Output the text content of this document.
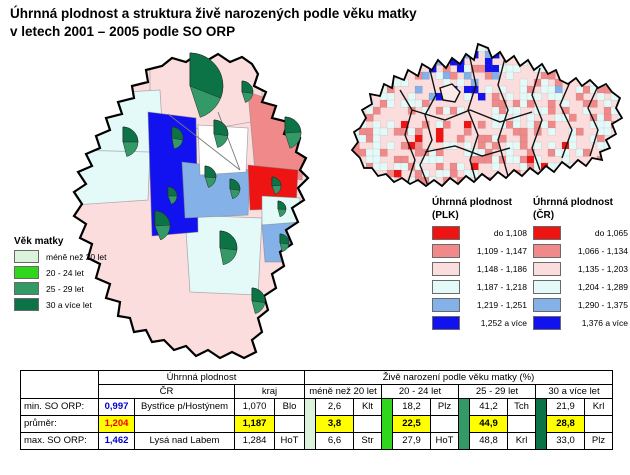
Úhrnná plodnost a struktura živě narozených podle věku matky
v letech 2001 – 2005 podle SO ORP
Věk matky
méně než 20 let
20 - 24 let
25 - 29 let
30 a více let
Úhrnná plodnost
(PLK)
do 1,108
1,109 - 1,147
1,148 - 1,186
1,187 - 1,218
1,219 - 1,251
1,252 a více
Úhrnná plodnost
(ČR)
do 1,065
1,066 - 1,134
1,135 - 1,203
1,204 - 1,289
1,290 - 1,375
1,376 a více
	Úhrnná plodnost				Živě narození podle věku matky (%)											
	ČR		kraj		méně než 20 let			20 - 24 let			25 - 29 let			30 a více let		
min. SO ORP:	0,997	Bystřice p/Hostýnem	1,070	Blo		2,6	Klt		18,2	Plz		41,2	Tch		21,9	Krl
průměr:	1,204		1,187			3,8			22,5			44,9			28,8	
max. SO ORP:	1,462	Lysá nad Labem	1,284	HoT		6,6	Str		27,9	HoT		48,8	Krl		33,0	Plz
